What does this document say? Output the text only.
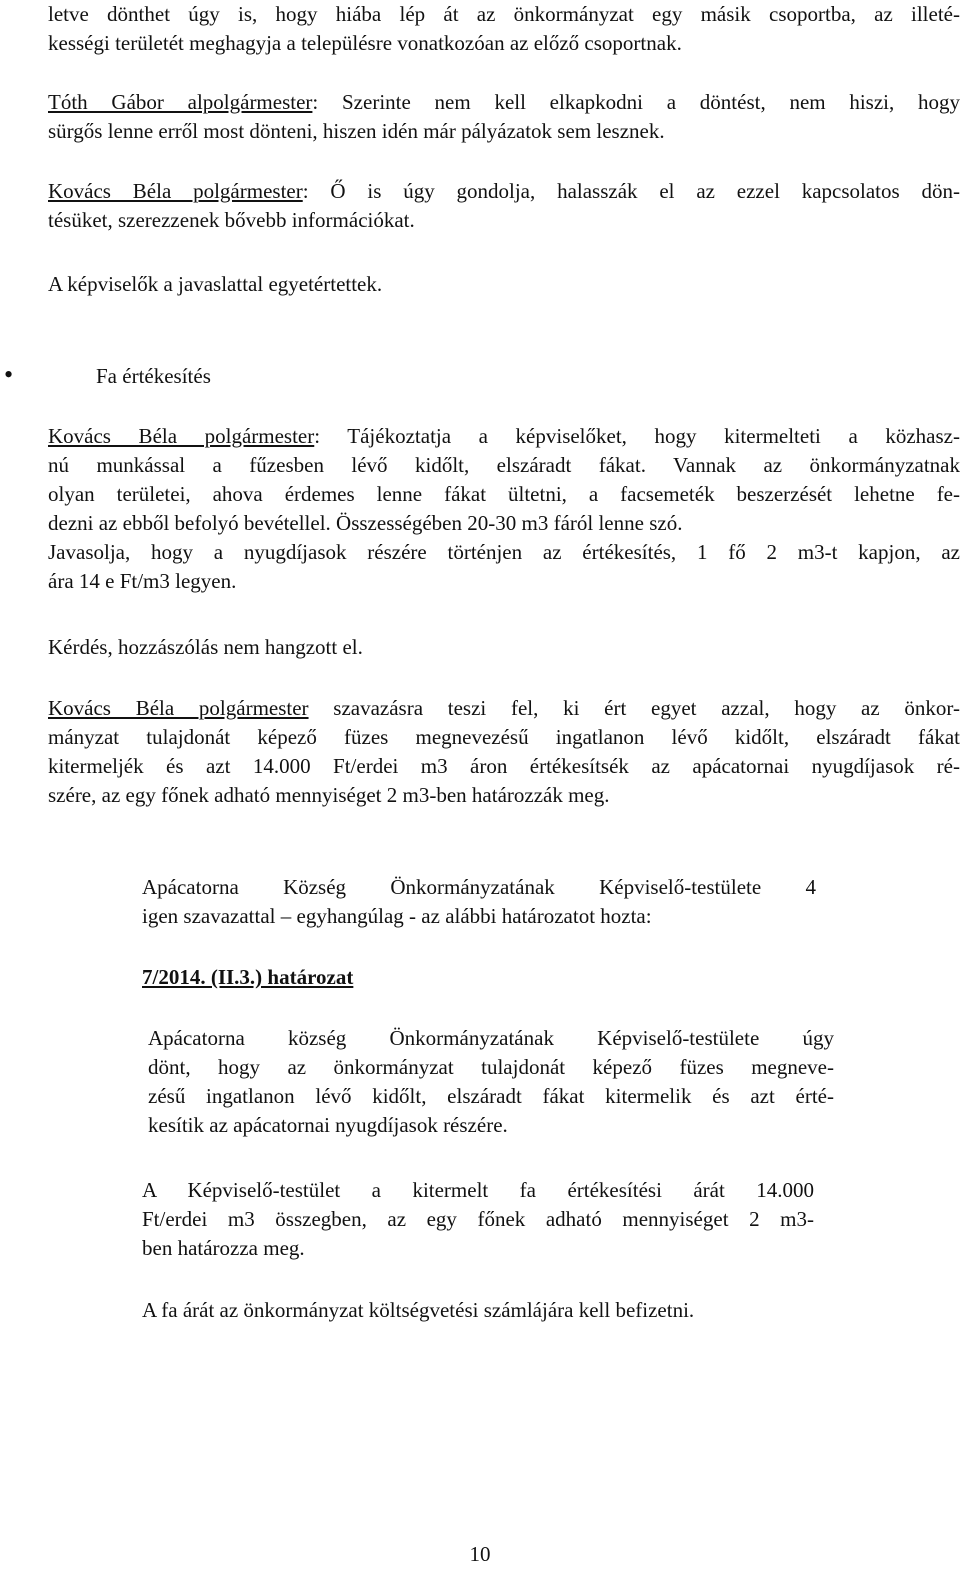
letve dönthet úgy is, hogy hiába lép át az önkormányzat egy másik csoportba, az illeté-
kességi területét meghagyja a településre vonatkozóan az előző csoportnak.
Tóth Gábor alpolgármester: Szerinte nem kell elkapkodni a döntést, nem hiszi, hogy
sürgős lenne erről most dönteni, hiszen idén már pályázatok sem lesznek.
Kovács Béla polgármester: Ő is úgy gondolja, halasszák el az ezzel kapcsolatos dön-
tésüket, szerezzenek bővebb információkat.

A képviselők a javaslattal egyetértettek.

•	Fa értékesítés
Kovács Béla polgármester: Tájékoztatja a képviselőket, hogy kitermelteti a közhasz-
nú munkással a fűzesben lévő kidőlt, elszáradt fákat. Vannak az önkormányzatnak
olyan területei, ahova érdemes lenne fákat ültetni, a facsemeték beszerzését lehetne fe-
dezni az ebből befolyó bevétellel. Összességében 20-30 m3 fáról lenne szó.
Javasolja, hogy a nyugdíjasok részére történjen az értékesítés, 1 fő 2 m3-t kapjon, az
ára 14 e Ft/m3 legyen.

Kérdés, hozzászólás nem hangzott el.

Kovács Béla polgármester szavazásra teszi fel, ki ért egyet azzal, hogy az önkor-
mányzat tulajdonát képező füzes megnevezésű ingatlanon lévő kidőlt, elszáradt fákat
kitermeljék és azt 14.000 Ft/erdei m3 áron értékesítsék az apácatornai nyugdíjasok ré-
szére, az egy főnek adható mennyiséget 2 m3-ben határozzák meg.
Apácatorna Község Önkormányzatának Képviselő-testülete 4
igen szavazattal – egyhangúlag - az alábbi határozatot hozta:

7/2014. (II.3.) határozat

Apácatorna község Önkormányzatának Képviselő-testülete úgy
dönt, hogy az önkormányzat tulajdonát képező füzes megneve-
zésű ingatlanon lévő kidőlt, elszáradt fákat kitermelik és azt érté-
kesítik az apácatornai nyugdíjasok részére.
A Képviselő-testület a kitermelt fa értékesítési árát 14.000
Ft/erdei m3 összegben, az egy főnek adható mennyiséget 2 m3-
ben határozza meg.

A fa árát az önkormányzat költségvetési számlájára kell befizetni.

10
